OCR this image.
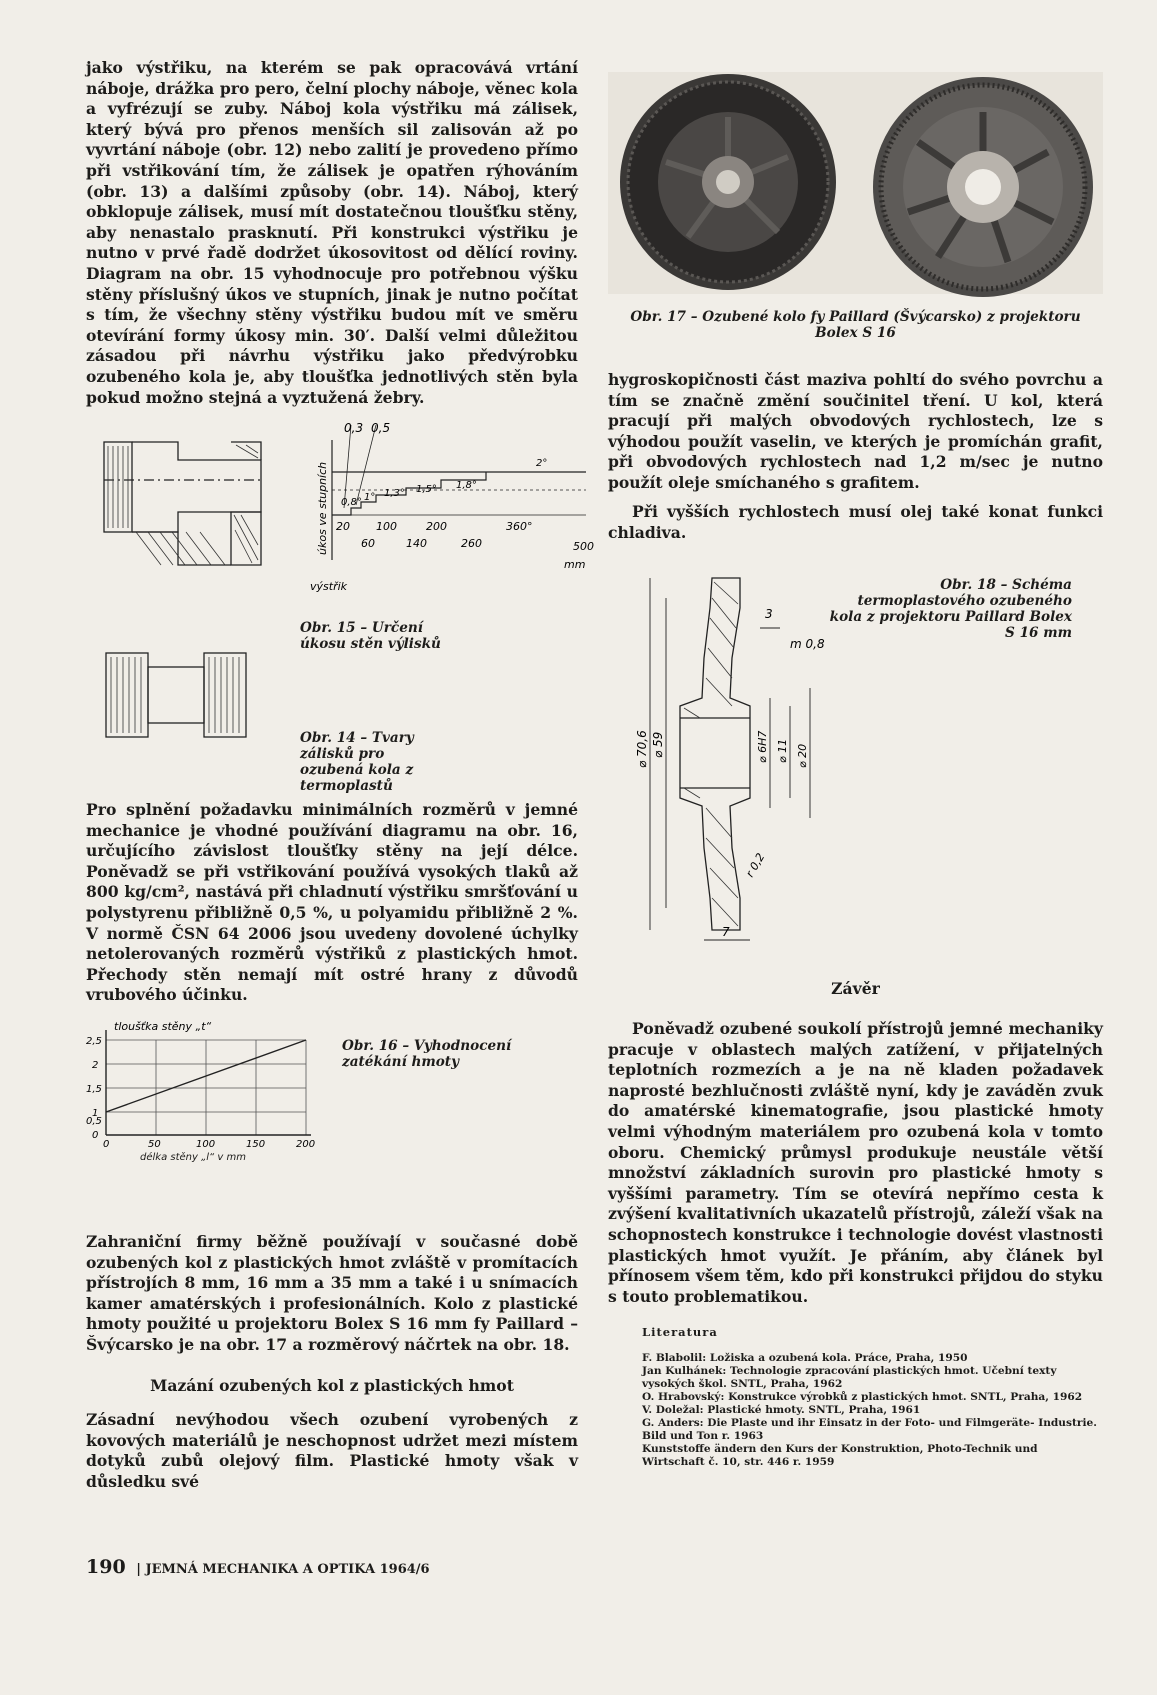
jako výstřiku, na kterém se pak opracovává vrtání náboje, drážka pro pero, čelní plochy náboje, věnec kola a vyfrézují se zuby. Náboj kola výstřiku má zálisek, který bývá pro přenos menších sil zalisován až po vyvrtání náboje (obr. 12) nebo zalití je provedeno přímo při vstřikování tím, že zálisek je opatřen rýhováním (obr. 13) a dalšími způsoby (obr. 14). Náboj, který obklopuje zálisek, musí mít dostatečnou tloušťku stěny, aby nenastalo prasknutí. Při konstrukci výstřiku je nutno v prvé řadě dodržet úkosovitost od dělící roviny. Diagram na obr. 15 vyhodnocuje pro potřebnou výšku stěny příslušný úkos ve stupních, jinak je nutno počítat s tím, že všechny stěny výstřiku budou mít ve směru otevírání formy úkosy min. 30′. Další velmi důležitou zásadou při návrhu výstřiku jako předvýrobku ozubeného kola je, aby tloušťka jednotlivých stěn byla pokud možno stejná a vyztužená žebry.

0,3 0,5
0,8° 1° 1,3° 1,5° 1,8°
2°
20 100	200	360°
60	140	260	500
mm
úkos ve stupních
výstřik
Obr. 15 – Určení úkosu stěn výlisků
Obr. 14 – Tvary zálisků pro ozubená kola z termoplastů

Pro splnění požadavku minimálních rozměrů v jemné mechanice je vhodné používání diagramu na obr. 16, určujícího závislost tloušťky stěny na její délce. Poněvadž se při vstřikování používá vysokých tlaků až 800 kg/cm², nastává při chladnutí výstřiku smršťování u polystyrenu přibližně 0,5 %, u polyamidu přibližně 2 %. V normě ČSN 64 2006 jsou uvedeny dovolené úchylky netolerovaných rozměrů výstřiků z plastických hmot. Přechody stěn nemají mít ostré hrany z důvodů vrubového účinku.

tloušťka stěny „t“
2,5
2
1,5
1
0,5
0
0	50	100	150	200
délka stěny „l“ v mm
Obr. 16 – Vyhodnocení zatékání hmoty

Zahraniční firmy běžně používají v současné době ozubených kol z plastických hmot zvláště v promítacích přístrojích 8 mm, 16 mm a 35 mm a také i u snímacích kamer amatérských i profesionálních. Kolo z plastické hmoty použité u projektoru Bolex S 16 mm fy Paillard – Švýcarsko je na obr. 17 a rozměrový náčrtek na obr. 18.

Mazání ozubených kol z plastických hmot

Zásadní nevýhodou všech ozubení vyrobených z kovových materiálů je neschopnost udržet mezi místem dotyků zubů olejový film. Plastické hmoty však v důsledku své

Obr. 17 – Ozubené kolo fy Paillard (Švýcarsko) z projektoru Bolex S 16

hygroskopičnosti část maziva pohltí do svého povrchu a tím se značně změní součinitel tření. U kol, která pracují při malých obvodových rychlostech, lze s výhodou použít vaselin, ve kterých je promíchán grafit, při obvodových rychlostech nad 1,2 m/sec je nutno použít oleje smíchaného s grafitem.

Při vyšších rychlostech musí olej také konat funkci chladiva.

3
m 0,8
⌀ 70,6 ⌀ 59	⌀ 6H7 ⌀ 11 ⌀ 20
r 0,2
7
Obr. 18 – Schéma termoplastového ozubeného kola z projektoru Paillard Bolex S 16 mm
Závěr

Poněvadž ozubené soukolí přístrojů jemné mechaniky pracuje v oblastech malých zatížení, v přijatelných teplotních rozmezích a je na ně kladen požadavek naprosté bezhlučnosti zvláště nyní, kdy je zaváděn zvuk do amatérské kinematografie, jsou plastické hmoty velmi výhodným materiálem pro ozubená kola v tomto oboru. Chemický průmysl produkuje neustále větší množství základních surovin pro plastické hmoty s vyššími parametry. Tím se otevírá nepřímo cesta k zvýšení kvalitativních ukazatelů přístrojů, záleží však na schopnostech konstrukce i technologie dovést vlastnosti plastických hmot využít. Je přáním, aby článek byl přínosem všem těm, kdo při konstrukci přijdou do styku s touto problematikou.

Literatura

F. Blabolil: Ložiska a ozubená kola. Práce, Praha, 1950

Jan Kulhánek: Technologie zpracování plastických hmot. Učební texty vysokých škol. SNTL, Praha, 1962

O. Hrabovský: Konstrukce výrobků z plastických hmot. SNTL, Praha, 1962

V. Doležal: Plastické hmoty. SNTL, Praha, 1961

G. Anders: Die Plaste und ihr Einsatz in der Foto- und Filmgeräte- Industrie. Bild und Ton r. 1963

Kunststoffe ändern den Kurs der Konstruktion, Photo-Technik und Wirtschaft č. 10, str. 446 r. 1959

190 | JEMNÁ MECHANIKA A OPTIKA 1964/6
